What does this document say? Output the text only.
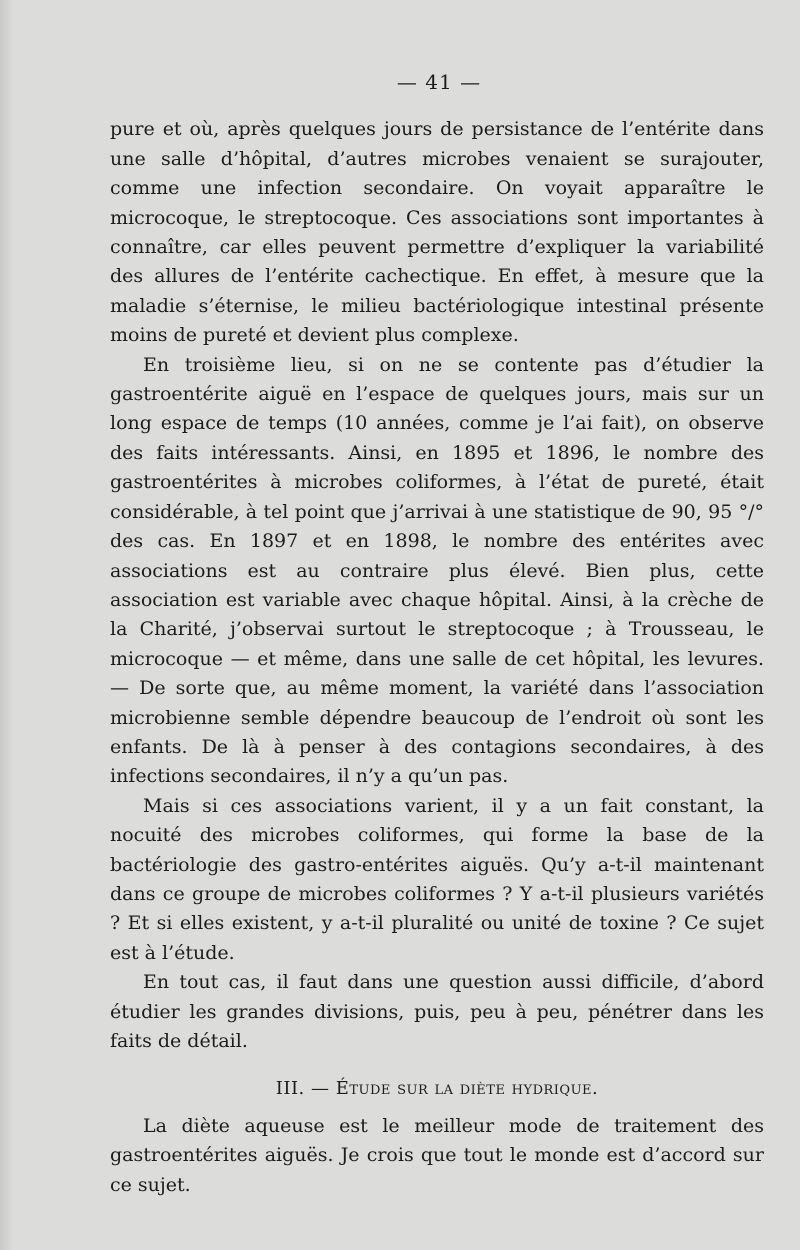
— 41 —

pure et où, après quelques jours de persistance de l’entérite dans une salle d’hôpital, d’autres microbes venaient se surajouter, comme une infection secondaire. On voyait apparaître le microcoque, le streptocoque. Ces associations sont importantes à connaître, car elles peuvent permettre d’expliquer la variabilité des allures de l’entérite cachectique. En effet, à mesure que la maladie s’éternise, le milieu bactériologique intestinal présente moins de pureté et devient plus complexe.

En troisième lieu, si on ne se contente pas d’étudier la gastroentérite aiguë en l’espace de quelques jours, mais sur un long espace de temps (10 années, comme je l’ai fait), on observe des faits intéressants. Ainsi, en 1895 et 1896, le nombre des gastroentérites à microbes coliformes, à l’état de pureté, était considérable, à tel point que j’arrivai à une statistique de 90, 95 °/° des cas. En 1897 et en 1898, le nombre des entérites avec associations est au contraire plus élevé. Bien plus, cette association est variable avec chaque hôpital. Ainsi, à la crèche de la Charité, j’observai surtout le streptocoque ; à Trousseau, le microcoque — et même, dans une salle de cet hôpital, les levures. — De sorte que, au même moment, la variété dans l’association microbienne semble dépendre beaucoup de l’endroit où sont les enfants. De là à penser à des contagions secondaires, à des infections secondaires, il n’y a qu’un pas.

Mais si ces associations varient, il y a un fait constant, la nocuité des microbes coliformes, qui forme la base de la bactériologie des gastro-entérites aiguës. Qu’y a-t-il maintenant dans ce groupe de microbes coliformes ? Y a-t-il plusieurs variétés ? Et si elles existent, y a-t-il pluralité ou unité de toxine ? Ce sujet est à l’étude.

En tout cas, il faut dans une question aussi difficile, d’abord étudier les grandes divisions, puis, peu à peu, pénétrer dans les faits de détail.

III. — Étude sur la diète hydrique.

La diète aqueuse est le meilleur mode de traitement des gastroentérites aiguës. Je crois que tout le monde est d’accord sur ce sujet.
